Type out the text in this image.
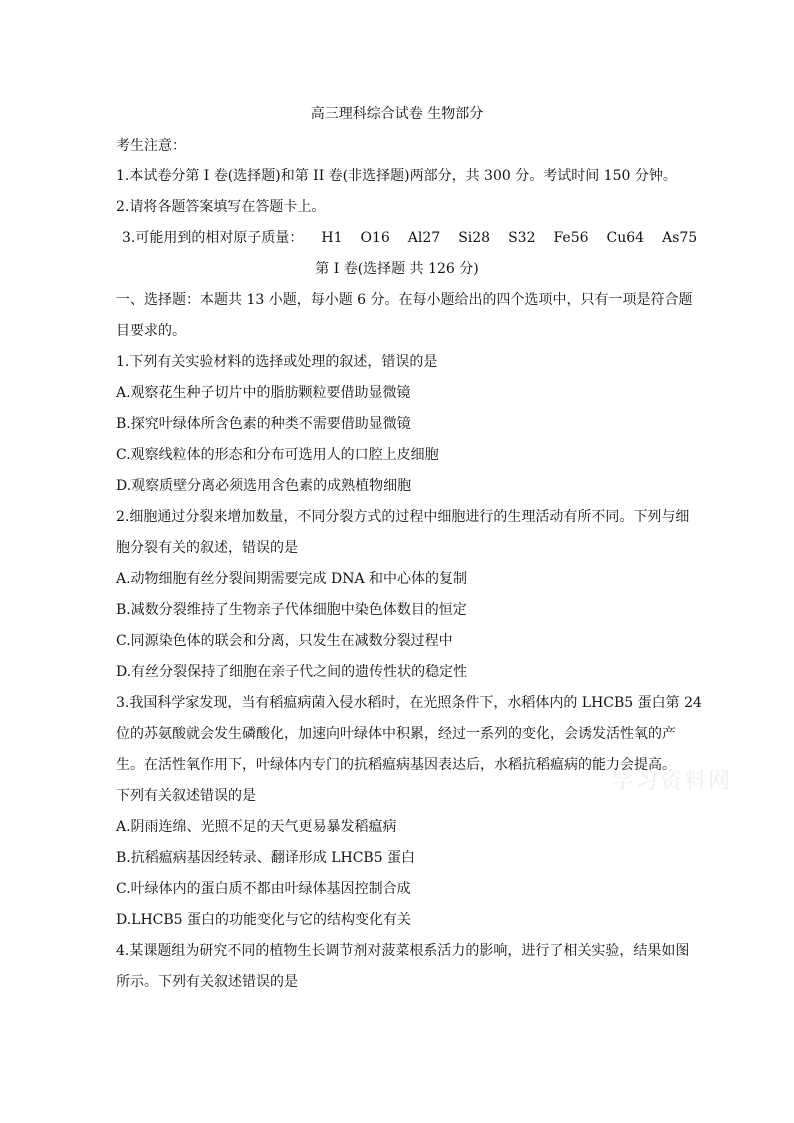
高三理科综合试卷 生物部分
考生注意：
1.本试卷分第 I 卷(选择题)和第 II 卷(非选择题)两部分，共 300 分。考试时间 150 分钟。
2.请将各题答案填写在答题卡上。
3.可能用到的相对原子质量： H1 O16 Al27 Si28 S32 Fe56 Cu64 As75
第 I 卷(选择题 共 126 分)
一、选择题：本题共 13 小题，每小题 6 分。在每小题给出的四个选项中，只有一项是符合题
目要求的。
1.下列有关实验材料的选择或处理的叙述，错误的是
A.观察花生种子切片中的脂肪颗粒要借助显微镜
B.探究叶绿体所含色素的种类不需要借助显微镜
C.观察线粒体的形态和分布可选用人的口腔上皮细胞
D.观察质壁分离必须选用含色素的成熟植物细胞
2.细胞通过分裂来增加数量，不同分裂方式的过程中细胞进行的生理活动有所不同。下列与细
胞分裂有关的叙述，错误的是
A.动物细胞有丝分裂间期需要完成 DNA 和中心体的复制
B.减数分裂维持了生物亲子代体细胞中染色体数目的恒定
C.同源染色体的联会和分离，只发生在减数分裂过程中
D.有丝分裂保持了细胞在亲子代之间的遗传性状的稳定性
3.我国科学家发现，当有稻瘟病菌入侵水稻时，在光照条件下，水稻体内的 LHCB5 蛋白第 24
位的苏氨酸就会发生磷酸化，加速向叶绿体中积累，经过一系列的变化，会诱发活性氧的产
生。在活性氧作用下，叶绿体内专门的抗稻瘟病基因表达后，水稻抗稻瘟病的能力会提高。
下列有关叙述错误的是
A.阴雨连绵、光照不足的天气更易暴发稻瘟病
B.抗稻瘟病基因经转录、翻译形成 LHCB5 蛋白
C.叶绿体内的蛋白质不都由叶绿体基因控制合成
D.LHCB5 蛋白的功能变化与它的结构变化有关
4.某课题组为研究不同的植物生长调节剂对菠菜根系活力的影响，进行了相关实验，结果如图
所示。下列有关叙述错误的是
学习资料网
